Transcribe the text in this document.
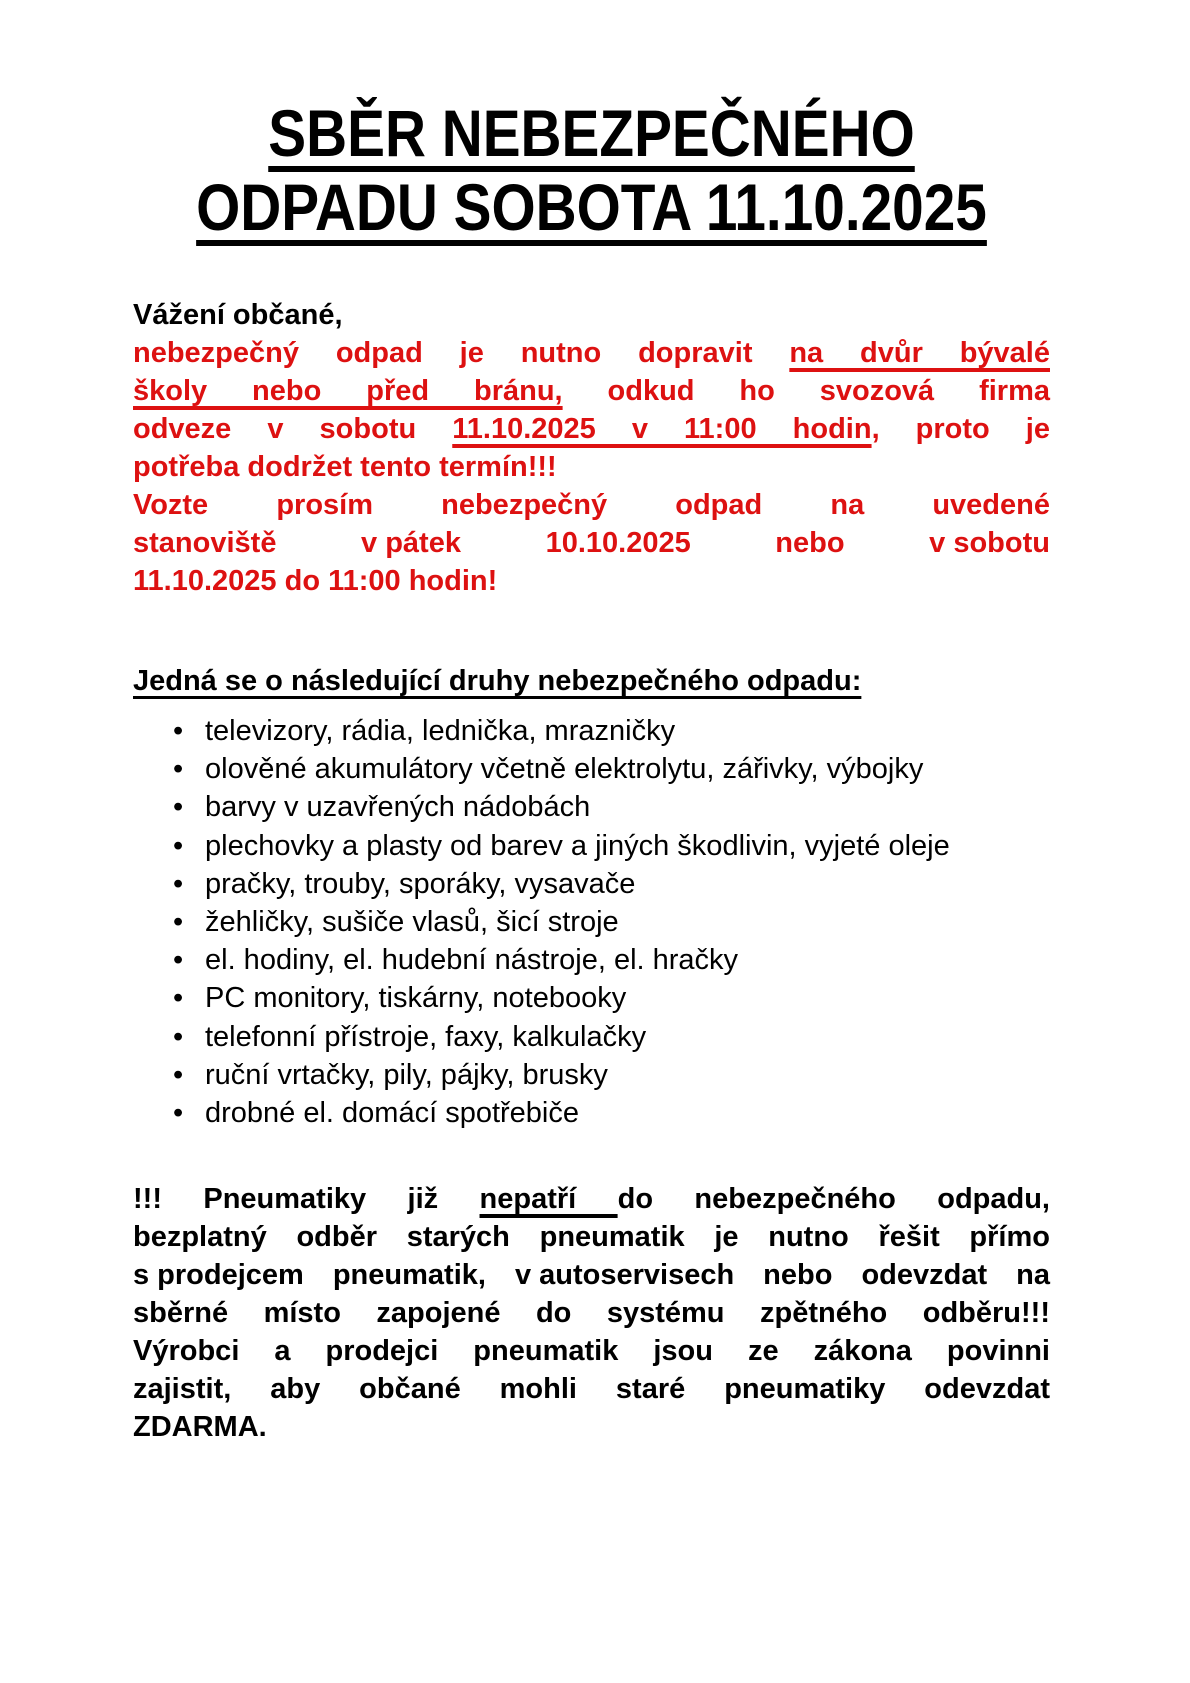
SBĚR NEBEZPEČNÉHO
ODPADU SOBOTA 11.10.2025
Vážení občané,
nebezpečný odpad je nutno dopravit na dvůr bývalé
školy nebo před bránu, odkud ho svozová firma
odveze v sobotu 11.10.2025 v 11:00 hodin, proto je
potřeba dodržet tento termín!!!
Vozte prosím nebezpečný odpad na uvedené
stanoviště v pátek 10.10.2025 nebo v sobotu
11.10.2025 do 11:00 hodin!
Jedná se o následující druhy nebezpečného odpadu:
• televizory, rádia, lednička, mrazničky
• olověné akumulátory včetně elektrolytu, zářivky, výbojky
• barvy v uzavřených nádobách
• plechovky a plasty od barev a jiných škodlivin, vyjeté oleje
• pračky, trouby, sporáky, vysavače
• žehličky, sušiče vlasů, šicí stroje
• el. hodiny, el. hudební nástroje, el. hračky
• PC monitory, tiskárny, notebooky
• telefonní přístroje, faxy, kalkulačky
• ruční vrtačky, pily, pájky, brusky
• drobné el. domácí spotřebiče
!!! Pneumatiky již nepatří do nebezpečného odpadu,
bezplatný odběr starých pneumatik je nutno řešit přímo
s prodejcem pneumatik, v autoservisech nebo odevzdat na
sběrné místo zapojené do systému zpětného odběru!!!
Výrobci a prodejci pneumatik jsou ze zákona povinni
zajistit, aby občané mohli staré pneumatiky odevzdat
ZDARMA.
